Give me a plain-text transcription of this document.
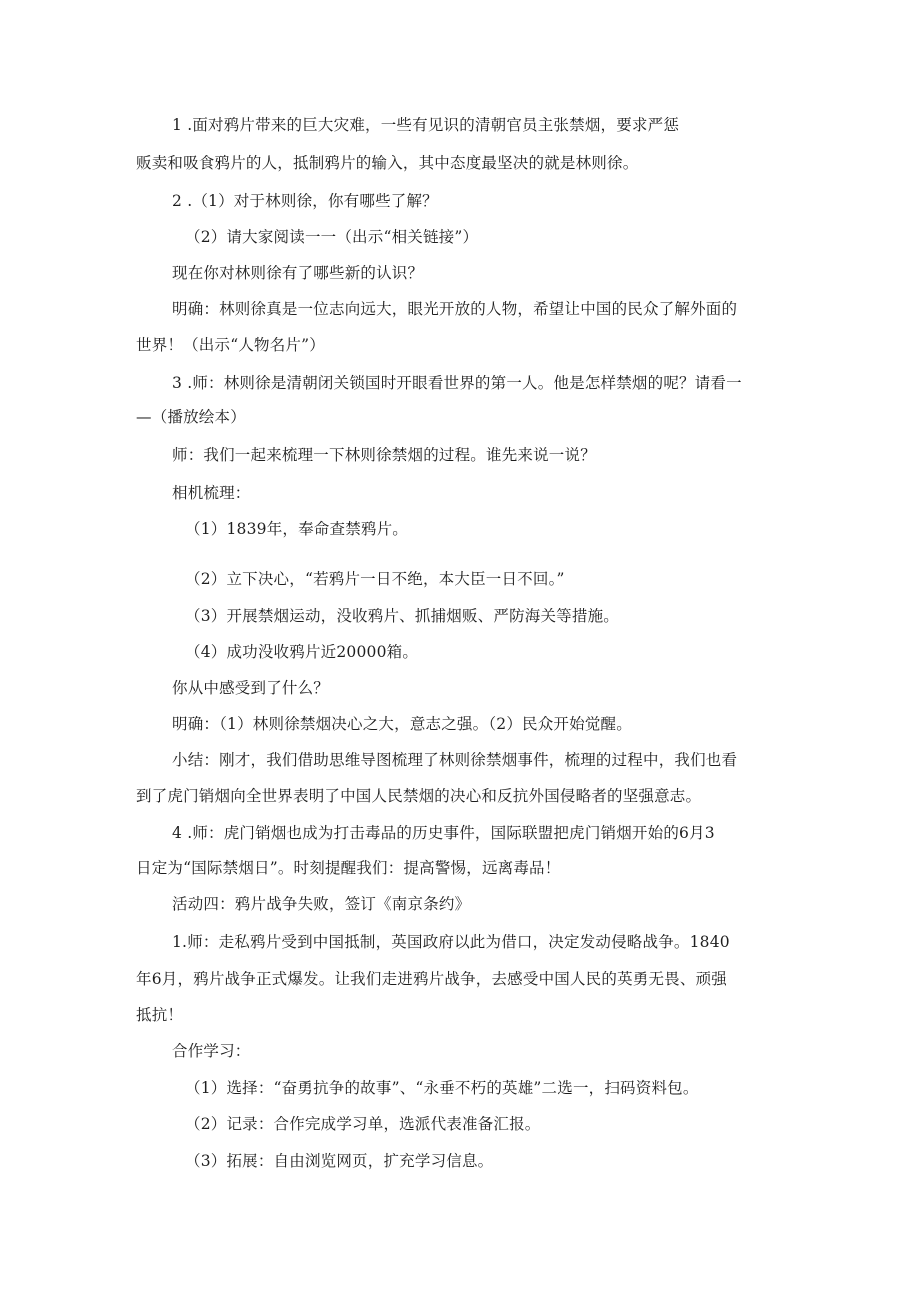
1 .面对鸦片带来的巨大灾难，一些有见识的清朝官员主张禁烟，要求严惩

贩卖和吸食鸦片的人，抵制鸦片的输入，其中态度最坚决的就是林则徐。

2 .（1）对于林则徐，你有哪些了解？

（2）请大家阅读一一（出示“相关链接”）

现在你对林则徐有了哪些新的认识？

明确：林则徐真是一位志向远大，眼光开放的人物，希望让中国的民众了解外面的

世界！（出示“人物名片”）

3 .师：林则徐是清朝闭关锁国时开眼看世界的第一人。他是怎样禁烟的呢？请看一

—（播放绘本）

师：我们一起来梳理一下林则徐禁烟的过程。谁先来说一说？

相机梳理：

（1）1839年，奉命查禁鸦片。

（2）立下决心，“若鸦片一日不绝，本大臣一日不回。”

（3）开展禁烟运动，没收鸦片、抓捕烟贩、严防海关等措施。

（4）成功没收鸦片近20000箱。

你从中感受到了什么？

明确：（1）林则徐禁烟决心之大，意志之强。（2）民众开始觉醒。

小结：刚才，我们借助思维导图梳理了林则徐禁烟事件，梳理的过程中，我们也看

到了虎门销烟向全世界表明了中国人民禁烟的决心和反抗外国侵略者的坚强意志。

4 .师：虎门销烟也成为打击毒品的历史事件，国际联盟把虎门销烟开始的6月3

日定为“国际禁烟日”。时刻提醒我们：提高警惕，远离毒品！

活动四：鸦片战争失败，签订《南京条约》

1.师：走私鸦片受到中国抵制，英国政府以此为借口，决定发动侵略战争。1840

年6月，鸦片战争正式爆发。让我们走进鸦片战争，去感受中国人民的英勇无畏、顽强

抵抗！

合作学习：

（1）选择：“奋勇抗争的故事”、“永垂不朽的英雄”二选一，扫码资料包。

（2）记录：合作完成学习单，选派代表准备汇报。

（3）拓展：自由浏览网页，扩充学习信息。
